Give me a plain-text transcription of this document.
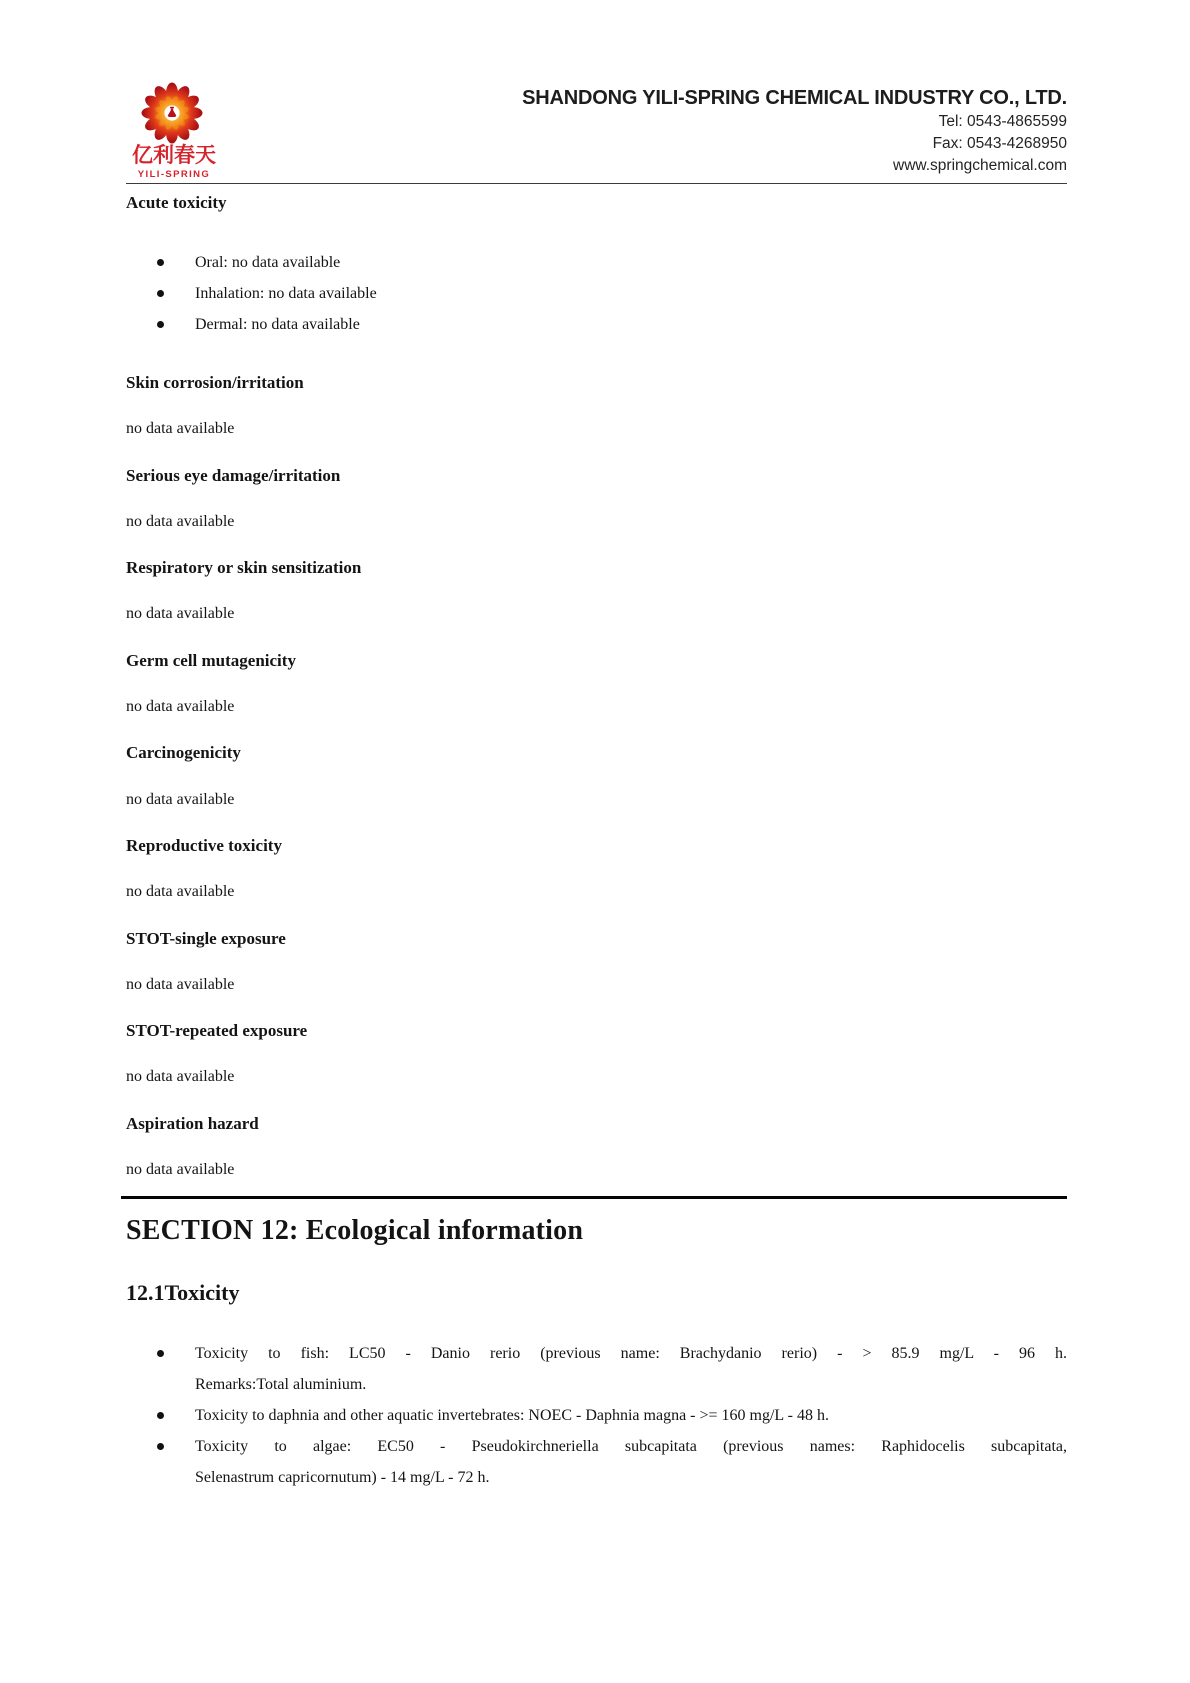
亿利春天
YILI-SPRING
SHANDONG YILI-SPRING CHEMICAL INDUSTRY CO., LTD.
Tel: 0543-4865599
Fax: 0543-4268950
www.springchemical.com

Acute toxicity

Oral: no data available
Inhalation: no data available
Dermal: no data available

Skin corrosion/irritation

no data available

Serious eye damage/irritation

no data available

Respiratory or skin sensitization

no data available

Germ cell mutagenicity

no data available

Carcinogenicity

no data available

Reproductive toxicity

no data available

STOT-single exposure

no data available

STOT-repeated exposure

no data available

Aspiration hazard

no data available

SECTION 12: Ecological information
12.1Toxicity
Toxicity to fish: LC50 - Danio rerio (previous name: Brachydanio rerio) - > 85.9 mg/L - 96 h.
Remarks:Total aluminium.
Toxicity to daphnia and other aquatic invertebrates: NOEC - Daphnia magna - >= 160 mg/L - 48 h.
Toxicity to algae: EC50 - Pseudokirchneriella subcapitata (previous names: Raphidocelis subcapitata,
Selenastrum capricornutum) - 14 mg/L - 72 h.
